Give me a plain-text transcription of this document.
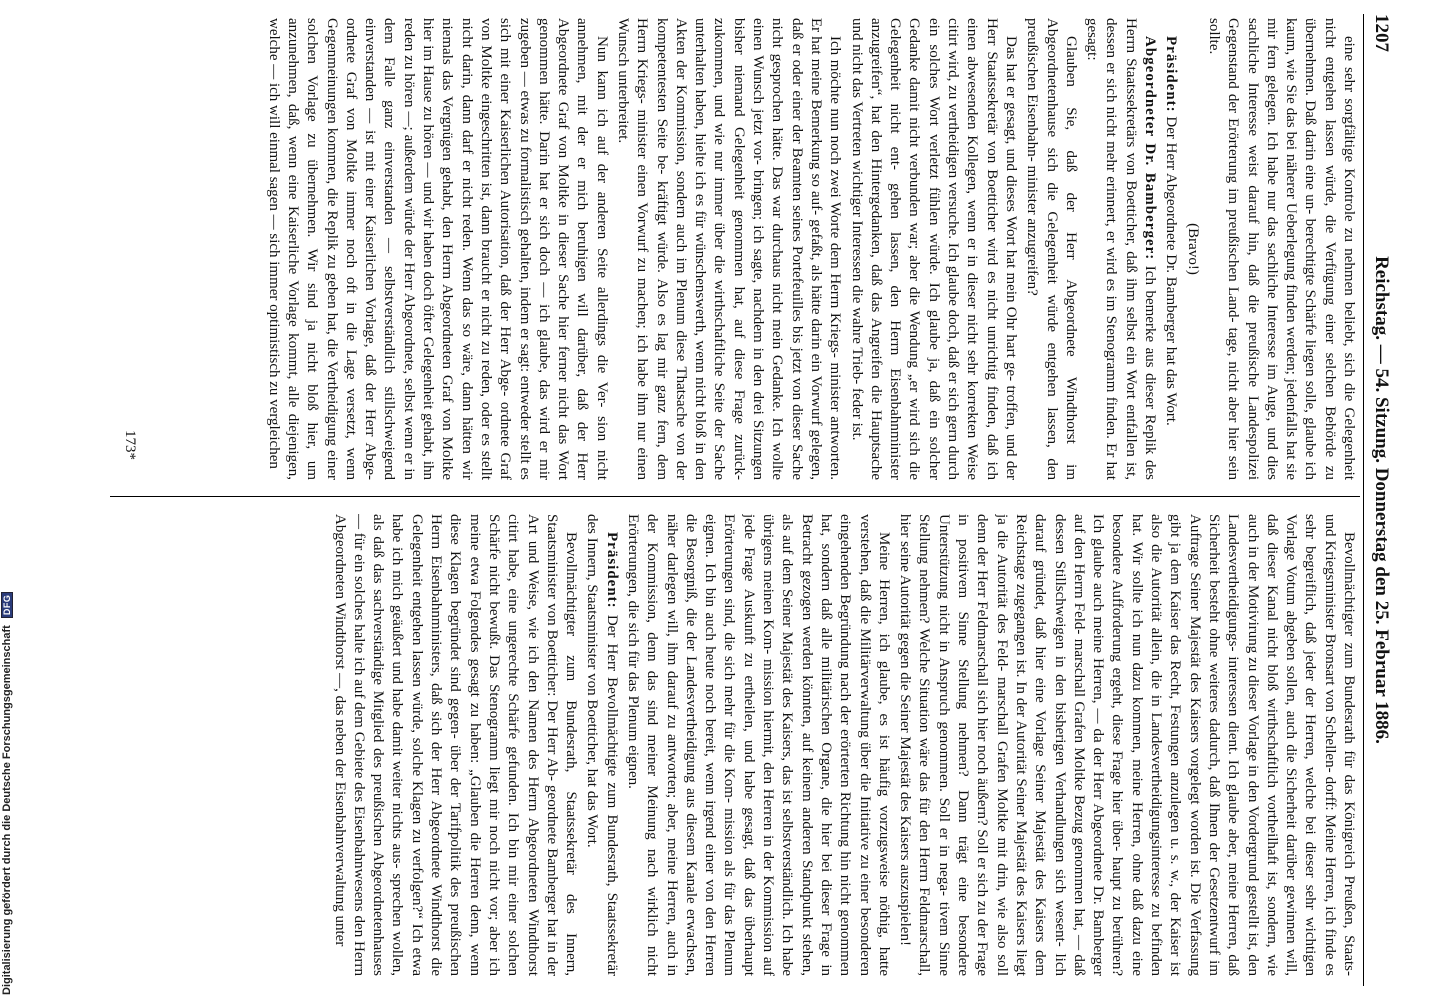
Reichstag. — 54. Sitzung. Donnerstag den 25. Februar 1886.
1207

eine sehr sorgfältige Kontrole zu nehmen beliebt, sich die Gelegenheit nicht entgehen lassen würde, die Verfügung einer selchen Behörde zu übernehmen. Daß darin eine un- berechtigte Schärfe liegen solle, glaube ich kaum, wie Sie das bei näherer Ueberlegung finden werden; jedenfalls hat sie mir fern gelegen. Ich habe nur das sachliche Interesse im Auge, und dies sachliche Interesse weist darauf hin, daß die preußische Landespolizei Gegenstand der Erörterung im preußischen Land- tage, nicht aber hier sein sollte.

(Bravo!)

Präsident: Der Herr Abgeordnete Dr. Bamberger hat das Wort.

Abgeordneter Dr. Bamberger: Ich bemerke aus dieser Replik des Herrn Staatssekretärs von Boetticher, daß ihm selbst ein Wort entfallen ist, dessen er sich nicht mehr erinnert, er wird es im Stenogramm finden. Er hat gesagt:

Glauben Sie, daß der Herr Abgeordnete Windthorst im Abgeordnetenhause sich die Gelegenheit würde entgehen lassen, den preußischen Eisenbahn- minister anzugreifen?

Das hat er gesagt, und dieses Wort hat mein Ohr hart ge- troffen, und der Herr Staatssekretär von Boetticher wird es nicht unrichtig finden, daß ich einen abwesenden Kollegen, wenn er in dieser nicht sehr korrekten Weise citirt wird, zu vertheidigen versuche. Ich glaube doch, daß er sich gern durch ein solches Wort verletzt fühlen würde. Ich glaube ja, daß ein solcher Gedanke damit nicht verbunden war; aber die Wendung „er wird sich die Gelegenheit nicht ent- gehen lassen, den Herrn Eisenbahnminister anzugreifen“, hat den Hintergedanken, daß das Angreifen die Hauptsache und nicht das Vertreten wichtiger Interessen die wahre Trieb- feder ist.

Ich möchte nun noch zwei Worte dem Herrn Kriegs- minister antworten. Er hat meine Bemerkung so auf- gefaßt, als hätte darin ein Vorwurf gelegen, daß er oder einer der Beamten seines Portefeuilles bis jetzt von dieser Sache nicht gesprochen hätte. Das war durchaus nicht mein Gedanke. Ich wollte einen Wunsch jetzt vor- bringen; ich sagte, nachdem in den drei Sitzungen bisher niemand Gelegenheit genommen hat, auf diese Frage zurück- zukommen, und wie nur immer über die wirthschaftliche Seite der Sache unterhalten haben, hielte ich es für wünschenswerth, wenn nicht bloß in den Akten der Kommission, sondern auch im Plenum diese Thatsache von der kompetentesten Seite be- kräftigt würde. Also es lag mir ganz fern, dem Herrn Kriegs- minister einen Vorwurf zu machen; ich habe ihm nur einen Wunsch unterbreitet.

Nun kann ich auf der anderen Seite allerdings die Ver- sion nicht annehmen, mit der er mich beruhigen will darüber, daß der Herr Abgeordnete Graf von Moltke in dieser Sache hier ferner nicht das Wort genommen hätte. Darin hat er sich doch — ich glaube, das wird er mir zugeben — etwas zu formalistisch gehalten, indem er sagt: entweder stellt es sich mit einer Kaiserlichen Autorisation, daß der Herr Abge- ordnete Graf von Moltke eingeschritten ist, dann braucht er nicht zu reden, oder es stellt nicht darin, dann darf er nicht reden. Wenn das so wäre, dann hätten wir niemals das Vergnügen gehabt, den Herrn Abgeordneten Graf von Moltke hier im Hause zu hören — und wir haben doch öfter Gelegenheit gehabt, ihn reden zu hören —; außerdem würde der Herr Abgeordnete, selbst wenn er in dem Falle ganz einverstanden — selbstverständlich stillschweigend einverstanden — ist mit einer Kaiserlichen Vorlage, daß der Herr Abge- ordnete Graf von Moltke immer noch oft in die Lage versetzt, wenn Gegenmeinungen kommen, die Replik zu geben hat, die Vertheidigung einer solchen Vorlage zu übernehmen. Wir sind ja nicht bloß hier, um anzunehmen, daß, wenn eine Kaiserliche Vorlage kommt, alle diejenigen, welche — ich will einmal sagen — sich immer optimistisch zu vergleichen

Bevollmächtigter zum Bundesrath für das Königreich Preußen, Staats- und Kriegsminister Bronsart von Schellen- dorff: Meine Herren, ich finde es sehr begreiflich, daß jeder der Herren, welche bei dieser sehr wichtigen Vorlage Votum abgeben sollen, auch die Sicherheit darüber gewinnen will, daß dieser Kanal nicht bloß wirthschaftlich vortheilhaft ist, sondern, wie auch in der Motivirung zu dieser Vorlage in den Vordergrund gestellt ist, den Landesvertheidigungs- interessen dient. Ich glaube aber, meine Herren, daß Sicherheit besteht ohne weiteres dadurch, daß Ihnen der Gesetzentwurf im Auftrage Seiner Majestät des Kaisers vorgelegt worden ist. Die Verfassung gibt ja dem Kaiser das Recht, Festungen anzulegen u. s. w., der Kaiser ist also die Autorität allein, die in Landesvertheidigungsinteresse zu befinden hat. Wir sollte ich nun dazu kommen, meine Herren, ohne daß dazu eine besondere Aufforderung ergeht, diese Frage hier über- haupt zu berühren? Ich glaube auch meine Herren, — da der Herr Abgeordnete Dr. Bamberger auf den Herrn Feld- marschall Grafen Moltke Bezug genommen hat, — daß dessen Stillschweigen in den bisherigen Verhandlungen sich wesent- lich darauf gründet, daß hier eine Vorlage Seiner Majestät des Kaisers dem Reichstage zugegangen ist. In der Autorität Seiner Majestät des Kaisers liegt ja die Autorität des Feld- marschall Grafen Moltke mit drin, wie also soll denn der Herr Feldmarschall sich hier noch äußern? Soll er sich zu der Frage in positivem Sinne Stellung nehmen? Dann trägt eine besondere Unterstützung nicht in Anspruch genommen. Soll er in nega- tivem Sinne Stellung nehmen? Welche Situation wäre das für den Herrn Feldmarschall, hier seine Autorität gegen die Seiner Majestät des Kaisers auszuspielen!

Meine Herren, ich glaube, es ist häufig vorzugsweise nöthig, hatte verstehen, daß die Militärverwaltung über die Initiative zu einer besonderen eingehenden Begründung nach der erörterten Richtung hin nicht genommen hat, sondern daß alle militärischen Organe, die hier bei dieser Frage in Betracht gezogen werden könnten, auf keinem anderen Standpunkt stehen, als auf dem Seiner Majestät des Kaisers, das ist selbstverständlich. Ich habe übrigens meinen Kom- mission hiermit, den Herren in der Kommission auf jede Frage Auskunft zu ertheilen, und habe gesagt, daß das überhaupt Erörterungen sind, die sich mehr für die Kom- mission als für das Plenum eignen. Ich bin auch heute noch bereit, wenn irgend einer von den Herren die Besorgniß, die der Landesvertheidigung aus diesem Kanale erwachsen, näher darlegen will, ihm darauf zu antworten; aber, meine Herren, auch in der Kommission, denn das sind meiner Meinung nach wirklich nicht Erörterungen, die sich für das Plenum eignen.

Präsident: Der Herr Bevollmächtigte zum Bundesrath, Staatssekretär des Innern, Staatsminister von Boetticher, hat das Wort.

Bevollmächtigter zum Bundesrath, Staatssekretär des Innern, Staatsminister von Boetticher: Der Herr Ab- geordnete Bamberger hat in der Art und Weise, wie ich den Namen des Herrn Abgeordneten Windthorst citirt habe, eine ungerechte Schärfe gefunden. Ich bin mir einer solchen Schärfe nicht bewußt. Das Stenogramm liegt mir noch nicht vor; aber ich meine etwa Folgendes gesagt zu haben: „Glauben die Herren denn, wenn diese Klagen begründet sind gegen- über der Tarifpolitik des preußischen Herrn Eisenbahnministers, daß sich der Herr Abgeordnete Windthorst die Gelegenheit entgehen lassen würde, solche Klagen zu verfolgen?“ Ich etwa habe ich mich geäußert und habe damit weiter nichts aus- sprechen wollen, als daß das sachverständige Mitglied des preußischen Abgeordnetenhauses — für ein solches halte ich auf dem Gebiete des Eisenbahnwesens den Herrn Abgeordneten Windthorst —, das neben der Eisenbahnverwaltung unter

173*
Digitalisierung gefördert durch die Deutsche Forschungsgemeinschaft DFG
